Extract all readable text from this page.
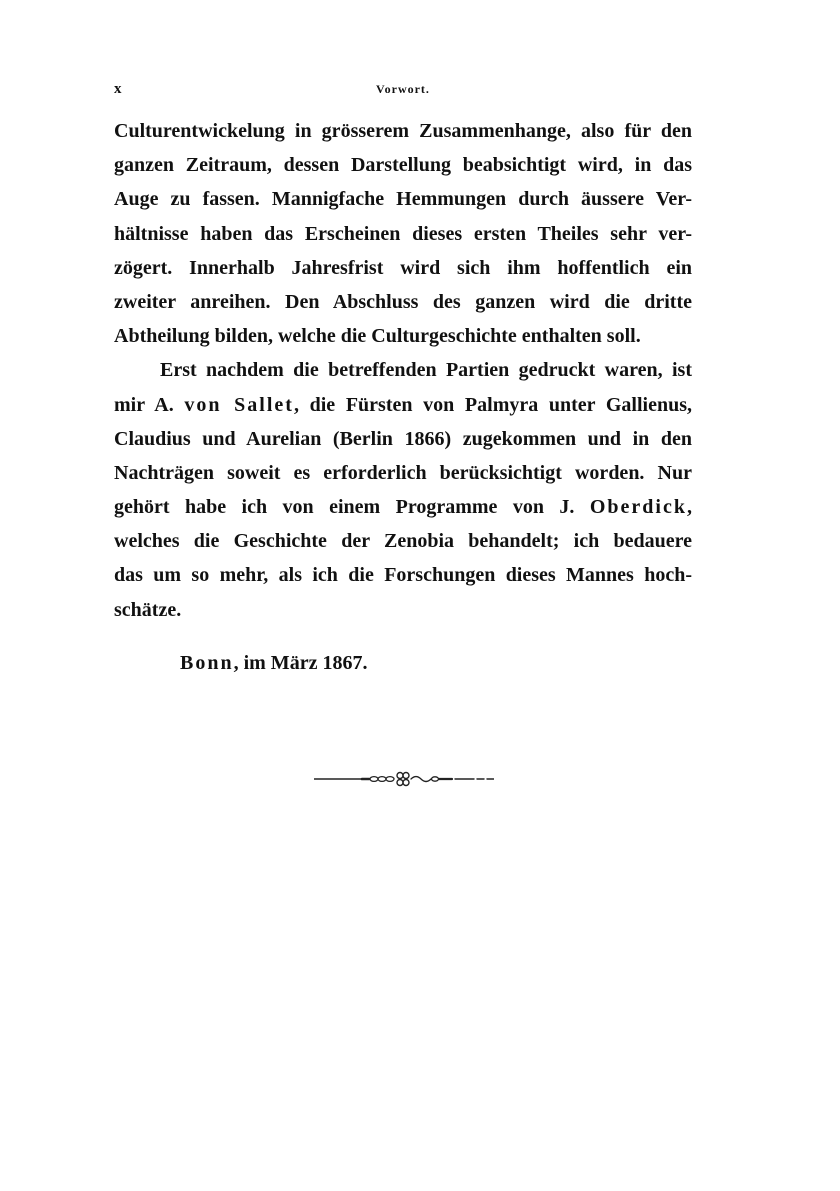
x	Vorwort.
Culturentwickelung in grösserem Zusammenhange, also für den
ganzen Zeitraum, dessen Darstellung beabsichtigt wird, in das
Auge zu fassen. Mannigfache Hemmungen durch äussere Ver-
hältnisse haben das Erscheinen dieses ersten Theiles sehr ver-
zögert. Innerhalb Jahresfrist wird sich ihm hoffentlich ein
zweiter anreihen. Den Abschluss des ganzen wird die dritte
Abtheilung bilden, welche die Culturgeschichte enthalten soll.
Erst nachdem die betreffenden Partien gedruckt waren, ist
mir A. von Sallet, die Fürsten von Palmyra unter Gallienus,
Claudius und Aurelian (Berlin 1866) zugekommen und in den
Nachträgen soweit es erforderlich berücksichtigt worden. Nur
gehört habe ich von einem Programme von J. Oberdick,
welches die Geschichte der Zenobia behandelt; ich bedauere
das um so mehr, als ich die Forschungen dieses Mannes hoch-
schätze.
Bonn, im März 1867.
